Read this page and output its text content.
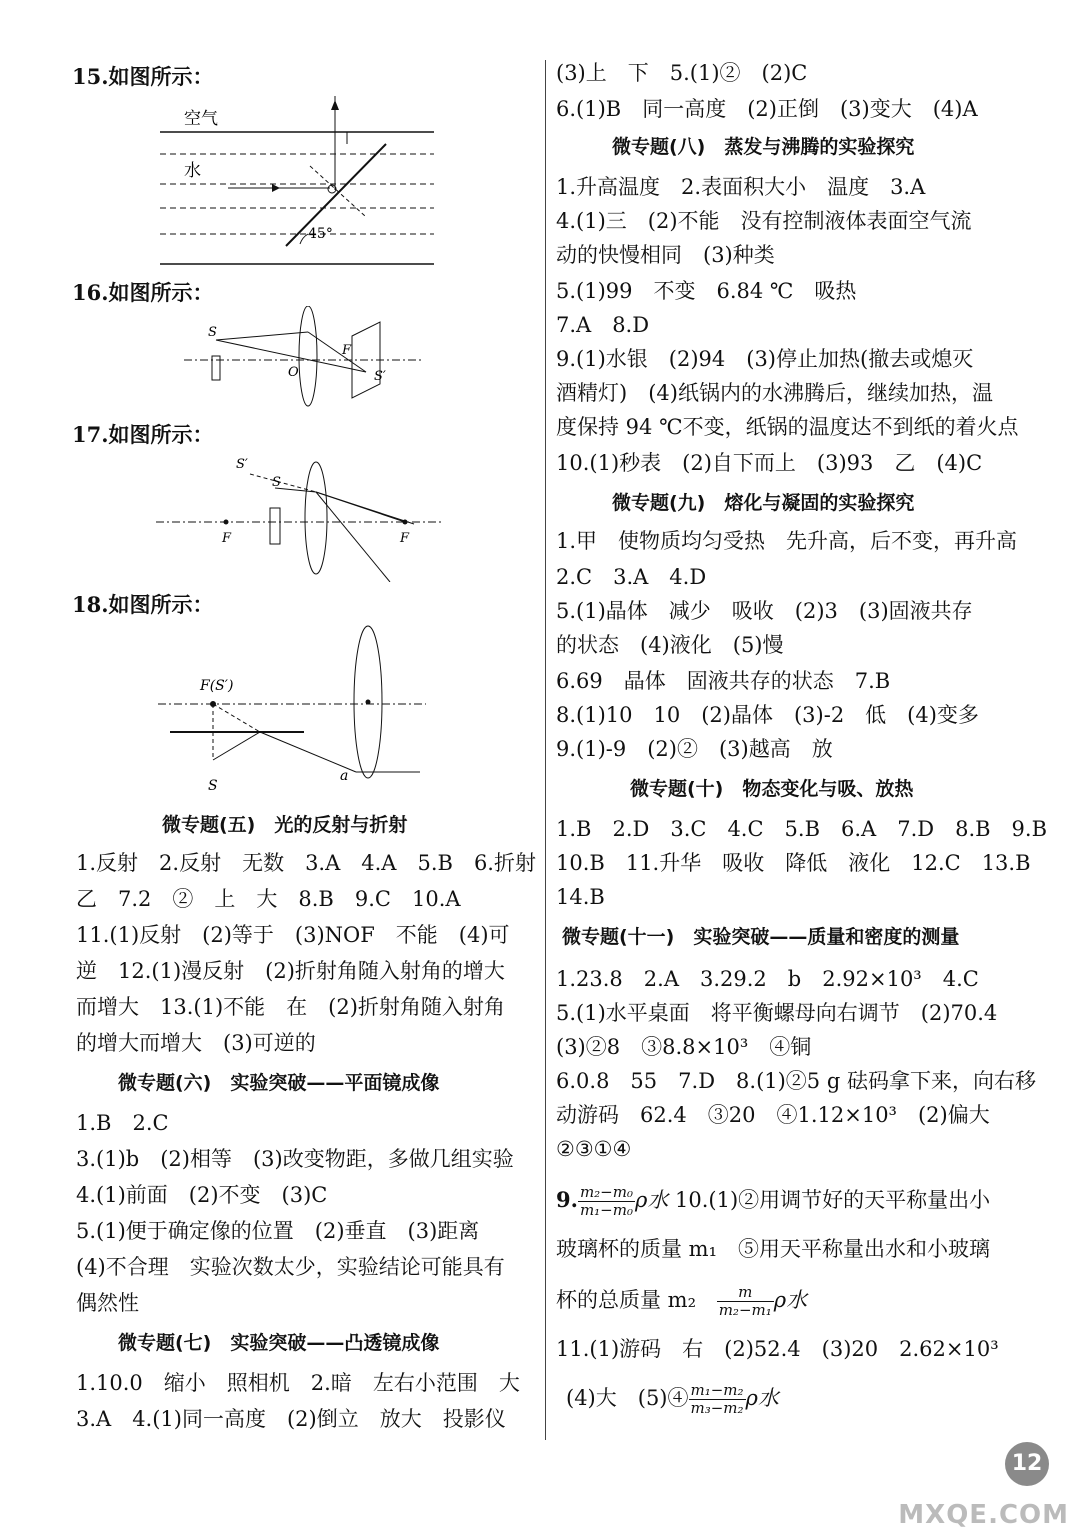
15.如图所示：
空气
水
45°
16.如图所示：
S
O
F
S′
17.如图所示：
S′
S
F	F
18.如图所示：
F(S′)
S
a
微专题(五)　光的反射与折射
1.反射　2.反射　无数　3.A　4.A　5.B　6.折射
乙　7.2　②　上　大　8.B　9.C　10.A
11.(1)反射　(2)等于　(3)NOF　不能　(4)可
逆　12.(1)漫反射　(2)折射角随入射角的增大
而增大　13.(1)不能　在　(2)折射角随入射角
的增大而增大　(3)可逆的
微专题(六)　实验突破——平面镜成像
1.B　2.C
3.(1)b　(2)相等　(3)改变物距，多做几组实验
4.(1)前面　(2)不变　(3)C
5.(1)便于确定像的位置　(2)垂直　(3)距离
(4)不合理　实验次数太少，实验结论可能具有
偶然性
微专题(七)　实验突破——凸透镜成像
1.10.0　缩小　照相机　2.暗　左右小范围　大
3.A　4.(1)同一高度　(2)倒立　放大　投影仪
(3)上　下　5.(1)②　(2)C
6.(1)B　同一高度　(2)正倒　(3)变大　(4)A
微专题(八)　蒸发与沸腾的实验探究
1.升高温度　2.表面积大小　温度　3.A
4.(1)三　(2)不能　没有控制液体表面空气流
动的快慢相同　(3)种类
5.(1)99　不变　6.84 ℃　吸热
7.A　8.D
9.(1)水银　(2)94　(3)停止加热(撤去或熄灭
酒精灯)　(4)纸锅内的水沸腾后，继续加热，温
度保持 94 ℃不变，纸锅的温度达不到纸的着火点
10.(1)秒表　(2)自下而上　(3)93　乙　(4)C
微专题(九)　熔化与凝固的实验探究
1.甲　使物质均匀受热　先升高，后不变，再升高
2.C　3.A　4.D
5.(1)晶体　减少　吸收　(2)3　(3)固液共存
的状态　(4)液化　(5)慢
6.69　晶体　固液共存的状态　7.B
8.(1)10　10　(2)晶体　(3)-2　低　(4)变多
9.(1)-9　(2)②　(3)越高　放
微专题(十)　物态变化与吸、放热
1.B　2.D　3.C　4.C　5.B　6.A　7.D　8.B　9.B
10.B　11.升华　吸收　降低　液化　12.C　13.B
14.B
微专题(十一)　实验突破——质量和密度的测量
1.23.8　2.A　3.29.2　b　2.92×10³　4.C
5.(1)水平桌面　将平衡螺母向右调节　(2)70.4
(3)②8　③8.8×10³　④铜
6.0.8　55　7.D　8.(1)②5 g 砝码拿下来，向右移
动游码　62.4　③20　④1.12×10³　(2)偏大
②③①④
9. $\frac{\text{m₂−m₀}}{\text{m₁−m₀}}$ ρ水 10.(1)②用调节好的天平称量出小
玻璃杯的质量 m₁　⑤用天平称量出水和小玻璃
杯的总质量 $m_2 \frac{m}{\text{m₂−m₁}}$ ρ水
11.(1)游码　右　(2)52.4　(3)20　2.62×10³
(4)大　(5)④ $\frac{\text{m₁−m₂}}{\text{m₃−m₂}}$ ρ水
12
MXQE.COM
